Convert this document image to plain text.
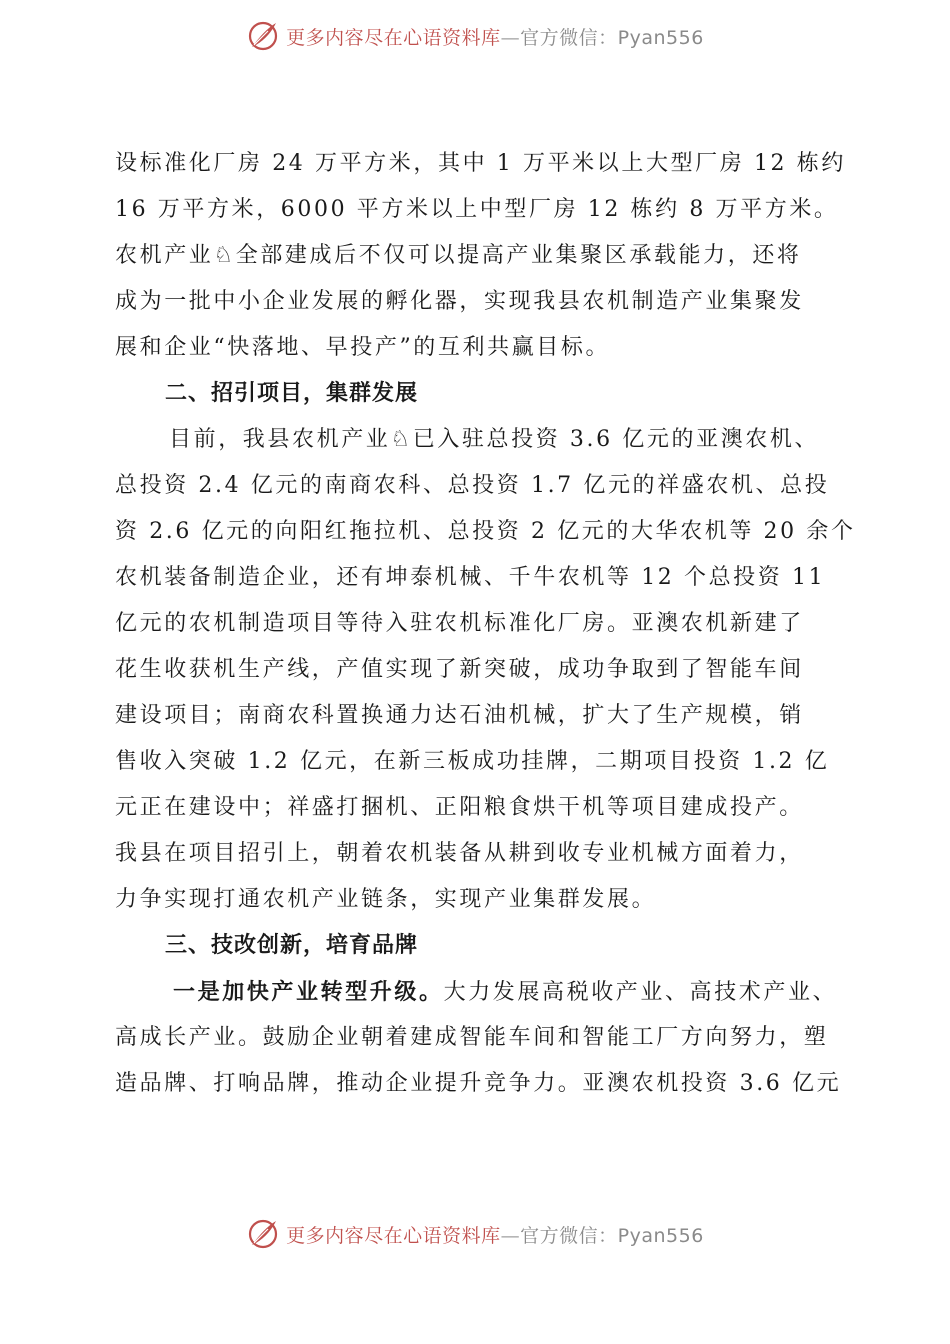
更多内容尽在心语资料库—官方微信：Pyan556
设标准化厂房 24 万平方米，其中 1 万平米以上大型厂房 12 栋约
16 万平方米，6000 平方米以上中型厂房 12 栋约 8 万平方米。
农机产业♘全部建成后不仅可以提高产业集聚区承载能力，还将
成为一批中小企业发展的孵化器，实现我县农机制造产业集聚发
展和企业“快落地、早投产”的互利共赢目标。
二、招引项目，集群发展
目前，我县农机产业♘已入驻总投资 3.6 亿元的亚澳农机、
总投资 2.4 亿元的南商农科、总投资 1.7 亿元的祥盛农机、总投
资 2.6 亿元的向阳红拖拉机、总投资 2 亿元的大华农机等 20 余个
农机装备制造企业，还有坤泰机械、千牛农机等 12 个总投资 11
亿元的农机制造项目等待入驻农机标准化厂房。亚澳农机新建了
花生收获机生产线，产值实现了新突破，成功争取到了智能车间
建设项目；南商农科置换通力达石油机械，扩大了生产规模，销
售收入突破 1.2 亿元，在新三板成功挂牌，二期项目投资 1.2 亿
元正在建设中；祥盛打捆机、正阳粮食烘干机等项目建成投产。
我县在项目招引上，朝着农机装备从耕到收专业机械方面着力，
力争实现打通农机产业链条，实现产业集群发展。
三、技改创新，培育品牌
一是加快产业转型升级。大力发展高税收产业、高技术产业、
高成长产业。鼓励企业朝着建成智能车间和智能工厂方向努力，塑
造品牌、打响品牌，推动企业提升竞争力。亚澳农机投资 3.6 亿元
更多内容尽在心语资料库—官方微信：Pyan556
